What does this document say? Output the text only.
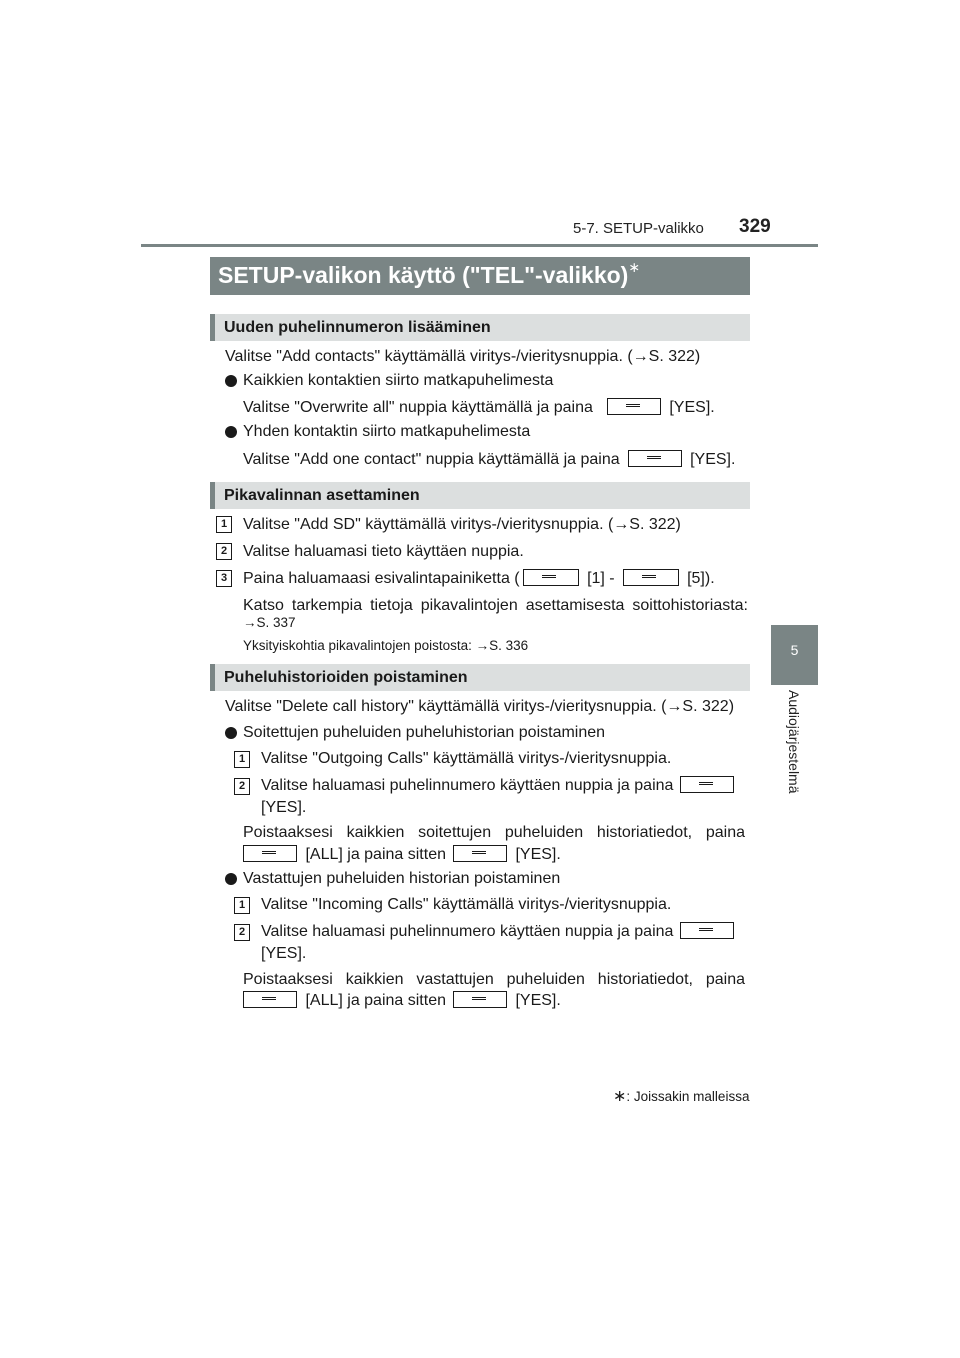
5-7. SETUP-valikko 329
5
Audiojärjestelmä
SETUP-valikon käyttö ("TEL"-valikko)∗
Uuden puhelinnumeron lisääminen
Valitse "Add contacts" käyttämällä viritys-/vieritysnuppia. (→S. 322)
Kaikkien kontaktien siirto matkapuhelimesta
Valitse "Overwrite all" nuppia käyttämällä ja paina	[YES].
Yhden kontaktin siirto matkapuhelimesta
Valitse "Add one contact" nuppia käyttämällä ja paina	[YES].
Pikavalinnan asettaminen
1 Valitse "Add SD" käyttämällä viritys-/vieritysnuppia. (→S. 322)
2 Valitse haluamasi tieto käyttäen nuppia.
3 Paina haluamaasi esivalintapainiketta (	[1] -	[5]).
Katso tarkempia tietoja pikavalintojen asettamisesta soittohistoriasta:
→S. 337
Yksityiskohtia pikavalintojen poistosta: →S. 336
Puheluhistorioiden poistaminen
Valitse "Delete call history" käyttämällä viritys-/vieritysnuppia. (→S. 322)
Soitettujen puheluiden puheluhistorian poistaminen
1 Valitse "Outgoing Calls" käyttämällä viritys-/vieritysnuppia.
2 Valitse haluamasi puhelinnumero käyttäen nuppia ja paina
[YES].
Poistaaksesi kaikkien soitettujen puheluiden historiatiedot, paina
[ALL] ja paina sitten	[YES].
Vastattujen puheluiden historian poistaminen
1 Valitse "Incoming Calls" käyttämällä viritys-/vieritysnuppia.
2 Valitse haluamasi puhelinnumero käyttäen nuppia ja paina
[YES].
Poistaaksesi kaikkien vastattujen puheluiden historiatiedot, paina
[ALL] ja paina sitten	[YES].
∗: Joissakin malleissa
